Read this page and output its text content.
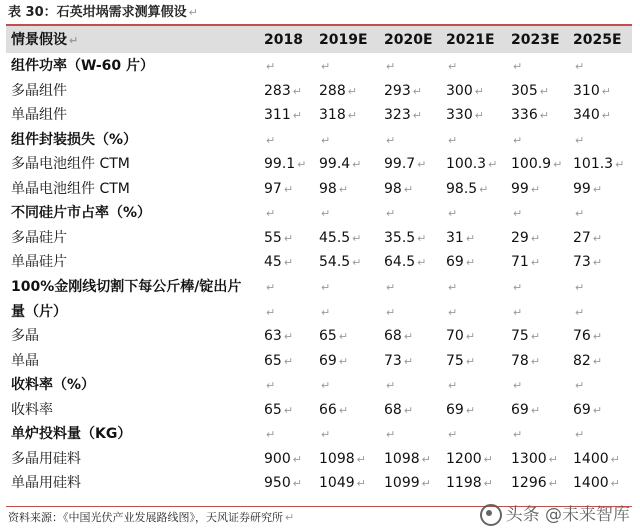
表 30：石英坩埚需求测算假设 ↵
情景假设 ↵	2018 2019E 2020E 2021E 2023E 2025E
组件功率（W-60 片）	↵	↵	↵	↵	↵	↵
多晶组件	283 ↵ 288 ↵ 293 ↵ 300 ↵ 305 ↵ 310 ↵
单晶组件	311 ↵ 318 ↵ 323 ↵ 330 ↵ 336 ↵ 340 ↵
组件封装损失（%）	↵	↵	↵	↵	↵	↵
多晶电池组件 CTM	99.1 ↵ 99.4 ↵ 99.7 ↵ 100.3 ↵ 100.9 ↵ 101.3 ↵
单晶电池组件 CTM	97 ↵ 98 ↵	98 ↵ 98.5 ↵ 99 ↵ 99 ↵
不同硅片市占率（%）	↵	↵	↵	↵	↵	↵
多晶硅片	55 ↵ 45.5 ↵ 35.5 ↵ 31 ↵	29 ↵ 27 ↵
单晶硅片	45 ↵ 54.5 ↵ 64.5 ↵ 69 ↵	71 ↵ 73 ↵
100%金刚线切割下每公斤棒/锭出片 ↵	↵	↵	↵	↵	↵
量（片）	↵	↵	↵	↵	↵	↵
多晶	63 ↵ 65 ↵	68 ↵ 70 ↵	75 ↵ 76 ↵
单晶	65 ↵ 69 ↵	73 ↵ 75 ↵	78 ↵ 82 ↵
收料率（%）	↵	↵	↵	↵	↵	↵
收料率	65 ↵ 66 ↵	68 ↵ 69 ↵	69 ↵ 69 ↵
单炉投料量（KG）	↵	↵	↵	↵	↵	↵
多晶用硅料	900 ↵ 1098 ↵ 1098 ↵ 1200 ↵ 1300 ↵ 1400 ↵
单晶用硅料	950 ↵ 1049 ↵ 1099 ↵ 1198 ↵ 1296 ↵ 1400 ↵
资料来源：《中国光伏产业发展路线图》，天风证券研究所 ↵	头条 @未来智库
